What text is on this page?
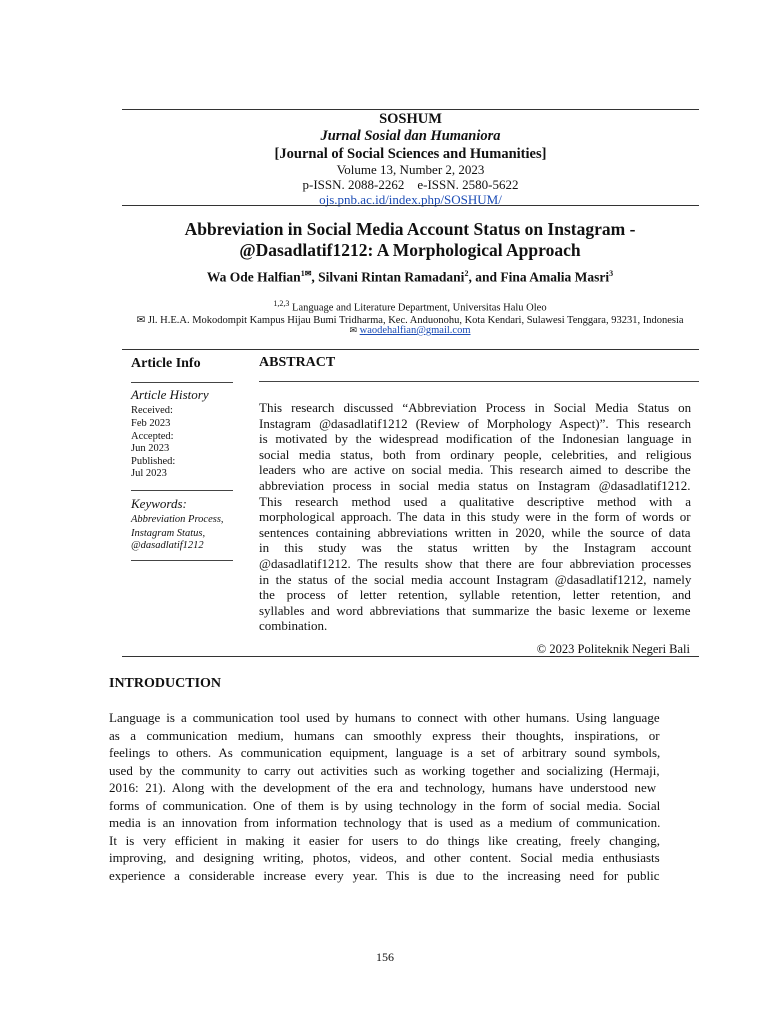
SOSHUM
Jurnal Sosial dan Humaniora
[Journal of Social Sciences and Humanities]
Volume 13, Number 2, 2023
p-ISSN. 2088-2262    e-ISSN. 2580-5622
ojs.pnb.ac.id/index.php/SOSHUM/
Abbreviation in Social Media Account Status on Instagram -
@Dasadlatif1212: A Morphological Approach
Wa Ode Halfian$^{1✉}$, Silvani Rintan Ramadani$^2$, and Fina Amalia Masri$^3$
$^{1,2,3}$ Language and Literature Department, Universitas Halu Oleo
✉ Jl. H.E.A. Mokodompit Kampus Hijau Bumi Tridharma, Kec. Anduonohu, Kota Kendari, Sulawesi Tenggara, 93231, Indonesia
✉ waodehalfian@gmail.com
Article Info
Article History
Received:
Feb 2023
Accepted:
Jun 2023
Published:
Jul 2023
Keywords:
Abbreviation Process,
Instagram Status,
@dasadlatif1212
ABSTRACT
This research discussed “Abbreviation Process in Social Media Status on
Instagram @dasadlatif1212 (Review of Morphology Aspect)”. This research
is motivated by the widespread modification of the Indonesian language in
social media status, both from ordinary people, celebrities, and religious
leaders who are active on social media. This research aimed to describe the
abbreviation process in social media status on Instagram @dasadlatif1212.
This research method used a qualitative descriptive method with a
morphological approach. The data in this study were in the form of words or
sentences containing abbreviations written in 2020, while the source of data
in this study was the status written by the Instagram account
@dasadlatif1212. The results show that there are four abbreviation processes
in the status of the social media account Instagram @dasadlatif1212, namely
the process of letter retention, syllable retention, letter retention, and
syllables and word abbreviations that summarize the basic lexeme or lexeme
combination.
© 2023 Politeknik Negeri Bali
INTRODUCTION
Language is a communication tool used by humans to connect with other humans. Using language
as a communication medium, humans can smoothly express their thoughts, inspirations, or
feelings to others. As communication equipment, language is a set of arbitrary sound symbols,
used by the community to carry out activities such as working together and socializing (Hermaji,
2016: 21). Along with the development of the era and technology, humans have understood new
forms of communication. One of them is by using technology in the form of social media. Social
media is an innovation from information technology that is used as a medium of communication.
It is very efficient in making it easier for users to do things like creating, freely changing,
improving, and designing writing, photos, videos, and other content. Social media enthusiasts
experience a considerable increase every year. This is due to the increasing need for public
156
